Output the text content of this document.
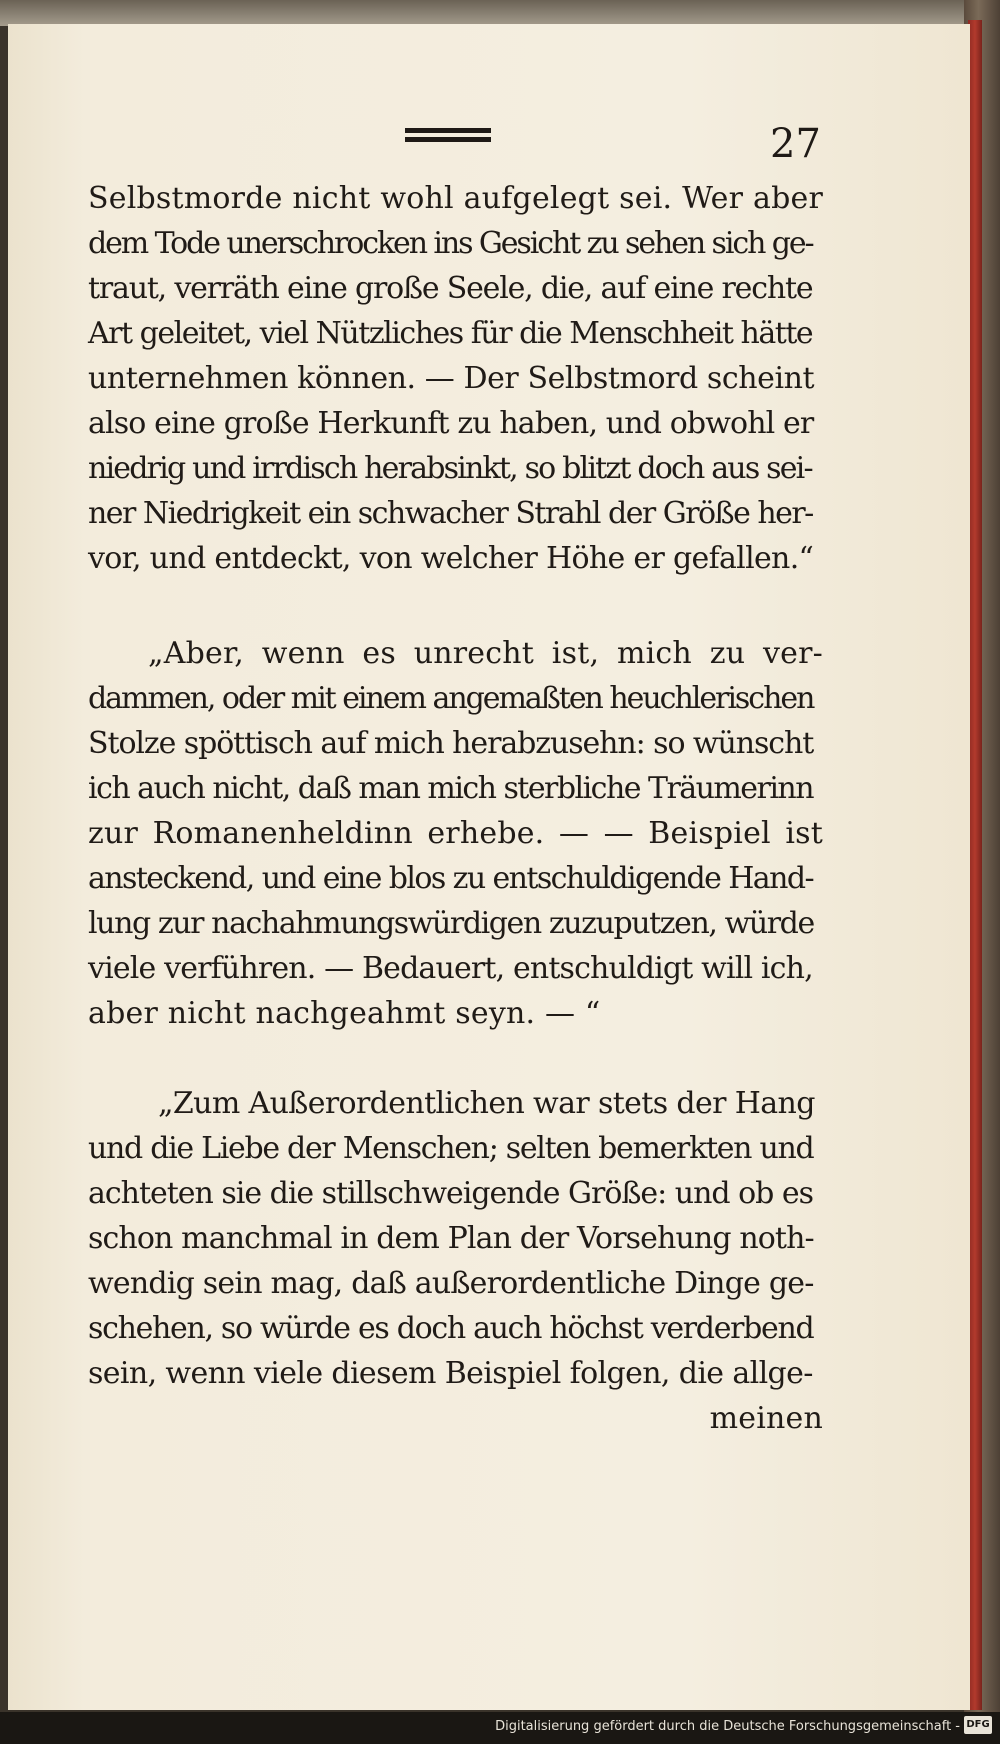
27
Selbstmorde nicht wohl aufgelegt sei. Wer aber
dem Tode unerschrocken ins Gesicht zu sehen sich ge-
traut, verräth eine große Seele, die, auf eine rechte
Art geleitet, viel Nützliches für die Menschheit hätte
unternehmen können. — Der Selbstmord scheint
also eine große Herkunft zu haben, und obwohl er
niedrig und irrdisch herabsinkt, so blitzt doch aus sei-
ner Niedrigkeit ein schwacher Strahl der Größe her-
vor, und entdeckt, von welcher Höhe er gefallen.“
„Aber, wenn es unrecht ist, mich zu ver-
dammen, oder mit einem angemaßten heuchlerischen
Stolze spöttisch auf mich herabzusehn: so wünscht
ich auch nicht, daß man mich sterbliche Träumerinn
zur Romanenheldinn erhebe. — — Beispiel ist
ansteckend, und eine blos zu entschuldigende Hand-
lung zur nachahmungswürdigen zuzuputzen, würde
viele verführen. — Bedauert, entschuldigt will ich,
aber nicht nachgeahmt seyn. — “
„Zum Außerordentlichen war stets der Hang
und die Liebe der Menschen; selten bemerkten und
achteten sie die stillschweigende Größe: und ob es
schon manchmal in dem Plan der Vorsehung noth-
wendig sein mag, daß außerordentliche Dinge ge-
schehen, so würde es doch auch höchst verderbend
sein, wenn viele diesem Beispiel folgen, die allge-
meinen
Digitalisierung gefördert durch die Deutsche Forschungsgemeinschaft - DFG
